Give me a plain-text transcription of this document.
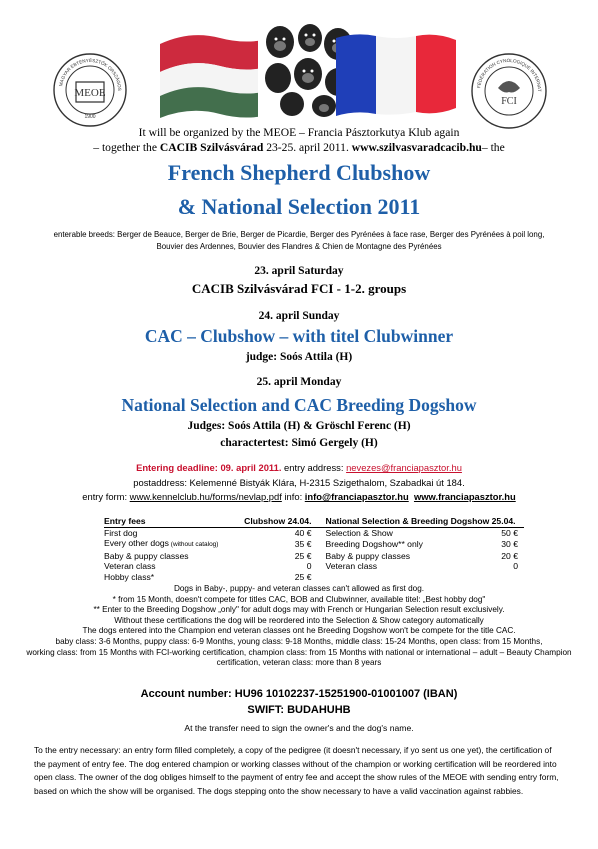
MEOE
1900
MAGYAR EBTENYÉSZTŐK ORSZÁGOS
FCI
FÉDÉRATION CYNOLOGIQUE INTERNAT
It will be organized by the MEOE – Francia Pásztorkutya Klub again
– together the CACIB Szilvásvárad 23-25. april 2011. www.szilvasvaradcacib.hu– the
French Shepherd Clubshow
& National Selection 2011
enterable breeds: Berger de Beauce, Berger de Brie, Berger de Picardie, Berger des Pyrénées à face rase, Berger des Pyrénées à poil long,
Bouvier des Ardennes, Bouvier des Flandres & Chien de Montagne des Pyrénées
23. april Saturday
CACIB Szilvásvárad FCI - 1-2. groups
24. april Sunday
CAC – Clubshow – with titel Clubwinner
judge: Soós Attila (H)
25. april Monday
National Selection and CAC Breeding Dogshow
Judges: Soós Attila (H) & Gröschl Ferenc (H)
charactertest: Simó Gergely (H)
Entering deadline: 09. april 2011. entry address: nevezes@franciapasztor.hu
postaddress: Kelemenné Bistyák Klára, H-2315 Szigethalom, Szabadkai út 184.
entry form: www.kennelclub.hu/forms/nevlap.pdf info: info@franciapasztor.hu www.franciapasztor.hu
Entry fees	Clubshow 24.04.		National Selection & Breeding Dogshow 25.04.	
First dog		40 €		Selection & Show	50 €
Every other dogs (without catalog)		35 €		Breeding Dogshow** only	30 €
Baby & puppy classes		25 €		Baby & puppy classes	20 €
Veteran class		0		Veteran class	0
Hobby class*		25 €			
Dogs in Baby-, puppy- and veteran classes can't allowed as first dog.
* from 15 Month, doesn't compete for titles CAC, BOB and Clubwinner, available titel: „Best hobby dog"
** Enter to the Breeding Dogshow „only" for adult dogs may with French or Hungarian Selection result exclusively.
Without these certifications the dog will be reordered into the Selection & Show category automatically
The dogs entered into the Champion end veteran classes ont he Breeding Dogshow won't be compete for the title CAC.
baby class: 3-6 Months, puppy class: 6-9 Months, young class: 9-18 Months, middle class: 15-24 Months, open class: from 15 Months,
working class: from 15 Months with FCI-working certification, champion class: from 15 Months with national or international – adult – Beauty Champion
certification, veteran class: more than 8 years
Account number: HU96 10102237-15251900-01001007 (IBAN)
SWIFT: BUDAHUHB
At the transfer need to sign the owner's and the dog's name.
To the entry necessary: an entry form filled completely, a copy of the pedigree (it doesn't necessary, if yo sent us one yet), the certification of
the payment of entry fee. The dog entered champion or working classes without of the champion or working certification will be reordered into
open class. The owner of the dog obliges himself to the payment of entry fee and accept the show rules of the MEOE with sending entry form,
based on which the show will be organised. The dogs stepping onto the show necessary to have a valid vaccination against rabbies.
